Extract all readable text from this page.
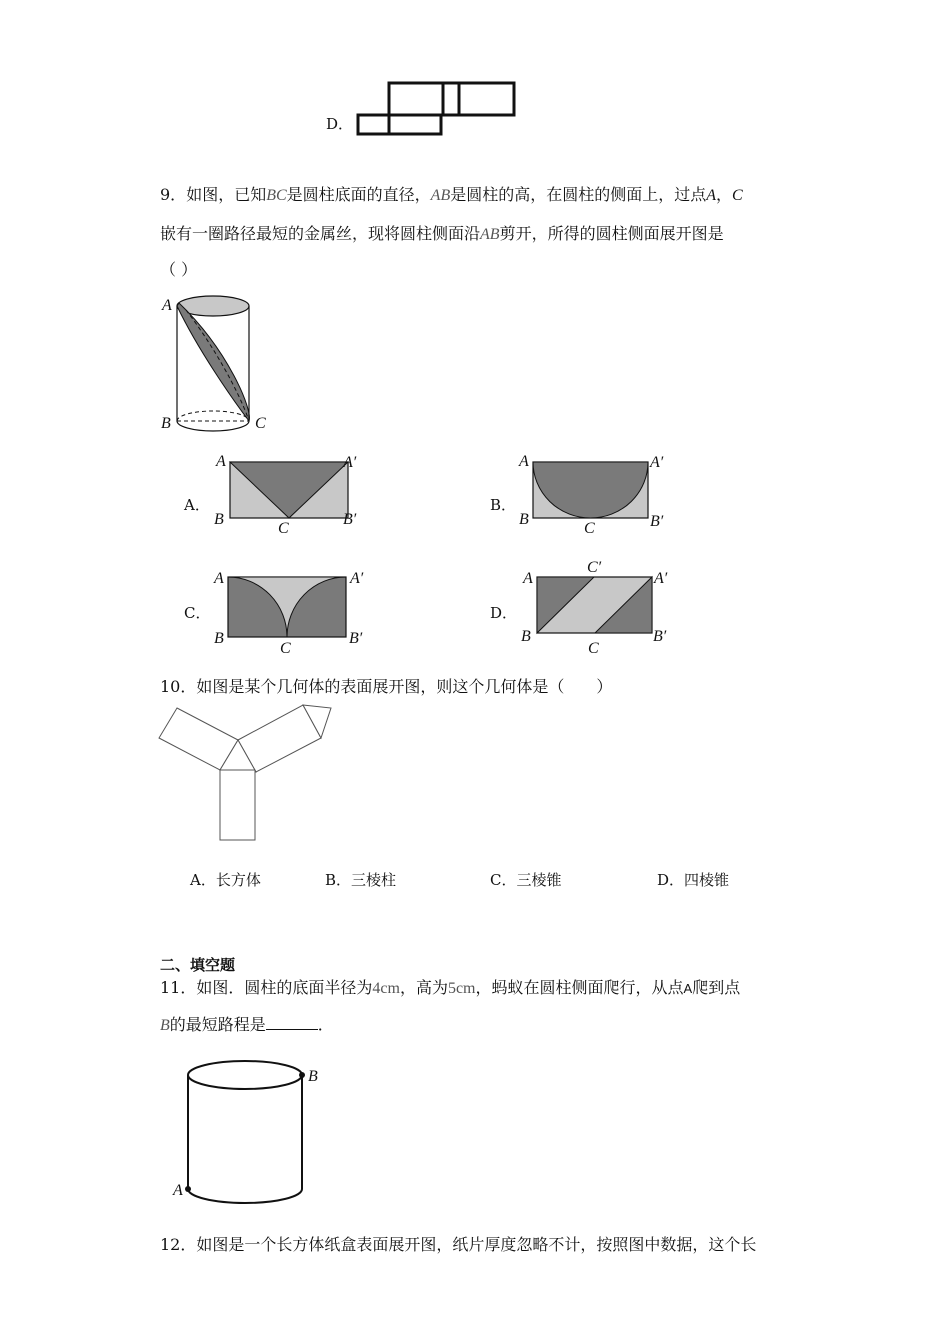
D．
9．如图，已知BC是圆柱底面的直径，AB是圆柱的高，在圆柱的侧面上，过点A，C
嵌有一圈路径最短的金属丝，现将圆柱侧面沿AB剪开，所得的圆柱侧面展开图是
（ ）
A
B	C
A．
A	A′
B
C
B′
B．
A	A′
B
C	B′
C．
A	A′
B
C
B′
D．
C′
A	A′
B
C
B′
10．如图是某个几何体的表面展开图，则这个几何体是（　　）
A．长方体	B．三棱柱	C．三棱锥	D．四棱锥
二、填空题
11．如图．圆柱的底面半径为4cm，高为5cm，蚂蚁在圆柱侧面爬行，从点A爬到点
B的最短路程是	．
B
A
12．如图是一个长方体纸盒表面展开图，纸片厚度忽略不计，按照图中数据，这个长
